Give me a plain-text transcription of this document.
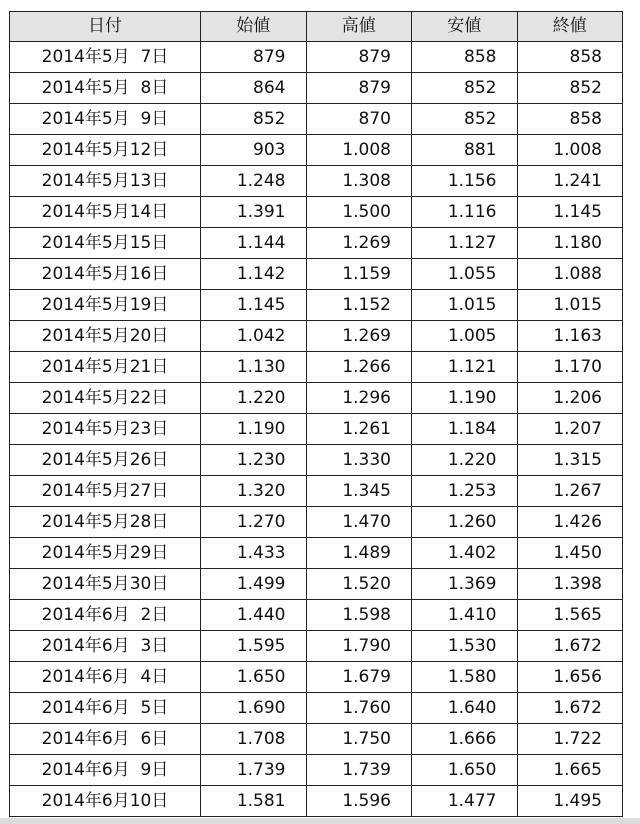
日付	始値	高値	安値	終値
2014年5月  7日	879	879	858	858
2014年5月  8日	864	879	852	852
2014年5月  9日	852	870	852	858
2014年5月12日	903	1.008	881	1.008
2014年5月13日	1.248	1.308	1.156	1.241
2014年5月14日	1.391	1.500	1.116	1.145
2014年5月15日	1.144	1.269	1.127	1.180
2014年5月16日	1.142	1.159	1.055	1.088
2014年5月19日	1.145	1.152	1.015	1.015
2014年5月20日	1.042	1.269	1.005	1.163
2014年5月21日	1.130	1.266	1.121	1.170
2014年5月22日	1.220	1.296	1.190	1.206
2014年5月23日	1.190	1.261	1.184	1.207
2014年5月26日	1.230	1.330	1.220	1.315
2014年5月27日	1.320	1.345	1.253	1.267
2014年5月28日	1.270	1.470	1.260	1.426
2014年5月29日	1.433	1.489	1.402	1.450
2014年5月30日	1.499	1.520	1.369	1.398
2014年6月  2日	1.440	1.598	1.410	1.565
2014年6月  3日	1.595	1.790	1.530	1.672
2014年6月  4日	1.650	1.679	1.580	1.656
2014年6月  5日	1.690	1.760	1.640	1.672
2014年6月  6日	1.708	1.750	1.666	1.722
2014年6月  9日	1.739	1.739	1.650	1.665
2014年6月10日	1.581	1.596	1.477	1.495
